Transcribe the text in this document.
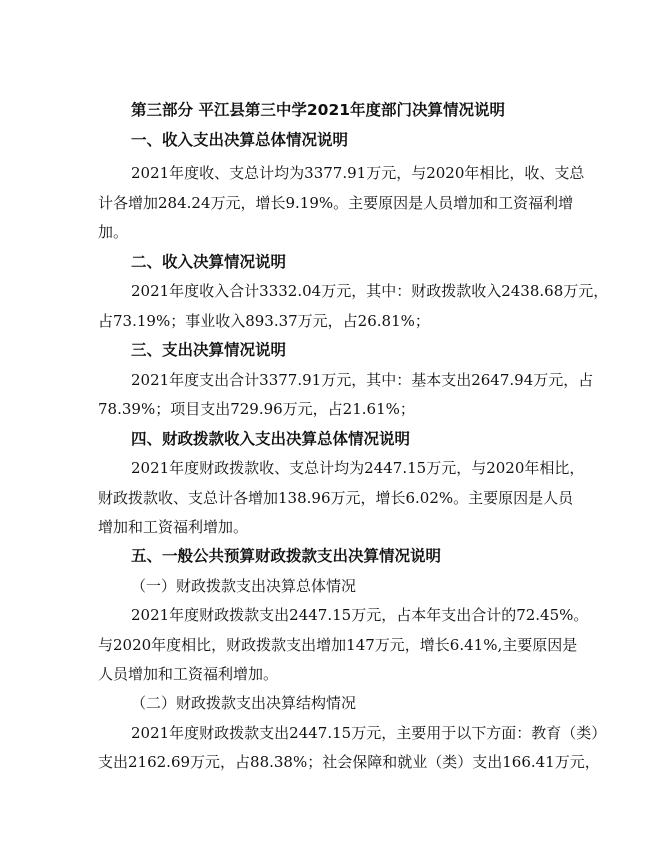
第三部分 平江县第三中学2021年度部门决算情况说明
一、收入支出决算总体情况说明
2021年度收、支总计均为3377.91万元，与2020年相比，收、支总
计各增加284.24万元，增长9.19%。主要原因是人员增加和工资福利增
加。
二、收入决算情况说明
2021年度收入合计3332.04万元，其中：财政拨款收入2438.68万元，
占73.19%；事业收入893.37万元，占26.81%；
三、支出决算情况说明
2021年度支出合计3377.91万元，其中：基本支出2647.94万元，占
78.39%；项目支出729.96万元，占21.61%；
四、财政拨款收入支出决算总体情况说明
2021年度财政拨款收、支总计均为2447.15万元，与2020年相比，
财政拨款收、支总计各增加138.96万元，增长6.02%。主要原因是人员
增加和工资福利增加。
五、一般公共预算财政拨款支出决算情况说明
（一）财政拨款支出决算总体情况
2021年度财政拨款支出2447.15万元，占本年支出合计的72.45%。
与2020年度相比，财政拨款支出增加147万元，增长6.41%,主要原因是
人员增加和工资福利增加。
（二）财政拨款支出决算结构情况
2021年度财政拨款支出2447.15万元，主要用于以下方面：教育（类）
支出2162.69万元，占88.38%；社会保障和就业（类）支出166.41万元，
